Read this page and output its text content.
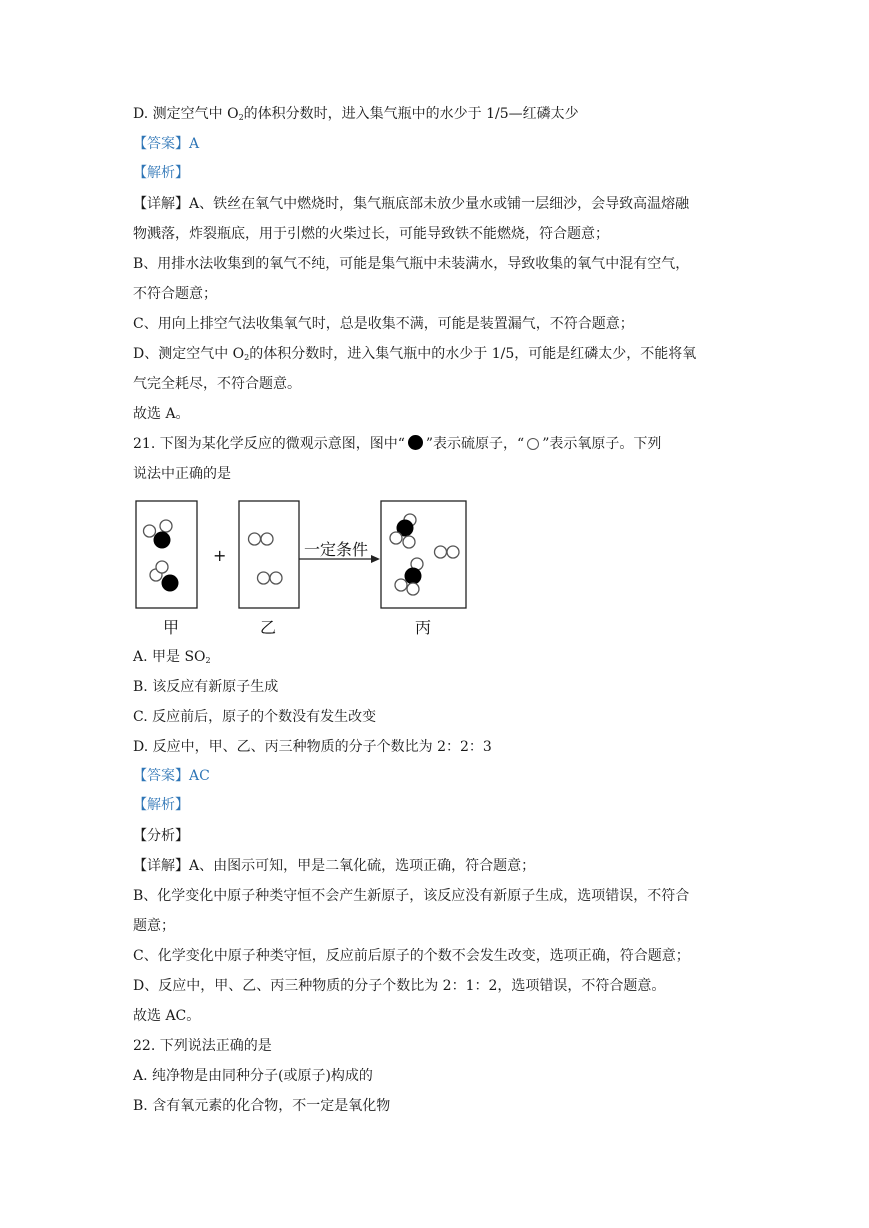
D. 测定空气中 $O_2$的体积分数时，进入集气瓶中的水少于 1/5—红磷太少
【答案】A
【解析】
【详解】A、铁丝在氧气中燃烧时，集气瓶底部未放少量水或铺一层细沙，会导致高温熔融
物溅落，炸裂瓶底，用于引燃的火柴过长，可能导致铁不能燃烧，符合题意；
B、用排水法收集到的氧气不纯，可能是集气瓶中未装满水，导致收集的氧气中混有空气，
不符合题意；
C、用向上排空气法收集氧气时，总是收集不满，可能是装置漏气，不符合题意；
D、测定空气中 $O_2$的体积分数时，进入集气瓶中的水少于 1/5，可能是红磷太少，不能将氧
气完全耗尽，不符合题意。
故选 A。
21. 下图为某化学反应的微观示意图，图中“ ”表示硫原子，“ ”表示氧原子。下列
说法中正确的是
+	一定条件
甲	乙	丙
A. 甲是 $SO_2$
B. 该反应有新原子生成
C. 反应前后，原子的个数没有发生改变
D. 反应中，甲、乙、丙三种物质的分子个数比为 2：2：3
【答案】AC
【解析】
【分析】
【详解】A、由图示可知，甲是二氧化硫，选项正确，符合题意；
B、化学变化中原子种类守恒不会产生新原子，该反应没有新原子生成，选项错误，不符合
题意；
C、化学变化中原子种类守恒，反应前后原子的个数不会发生改变，选项正确，符合题意；
D、反应中，甲、乙、丙三种物质的分子个数比为 2：1：2，选项错误，不符合题意。
故选 AC。
22. 下列说法正确的是
A. 纯净物是由同种分子(或原子)构成的
B. 含有氧元素的化合物，不一定是氧化物
